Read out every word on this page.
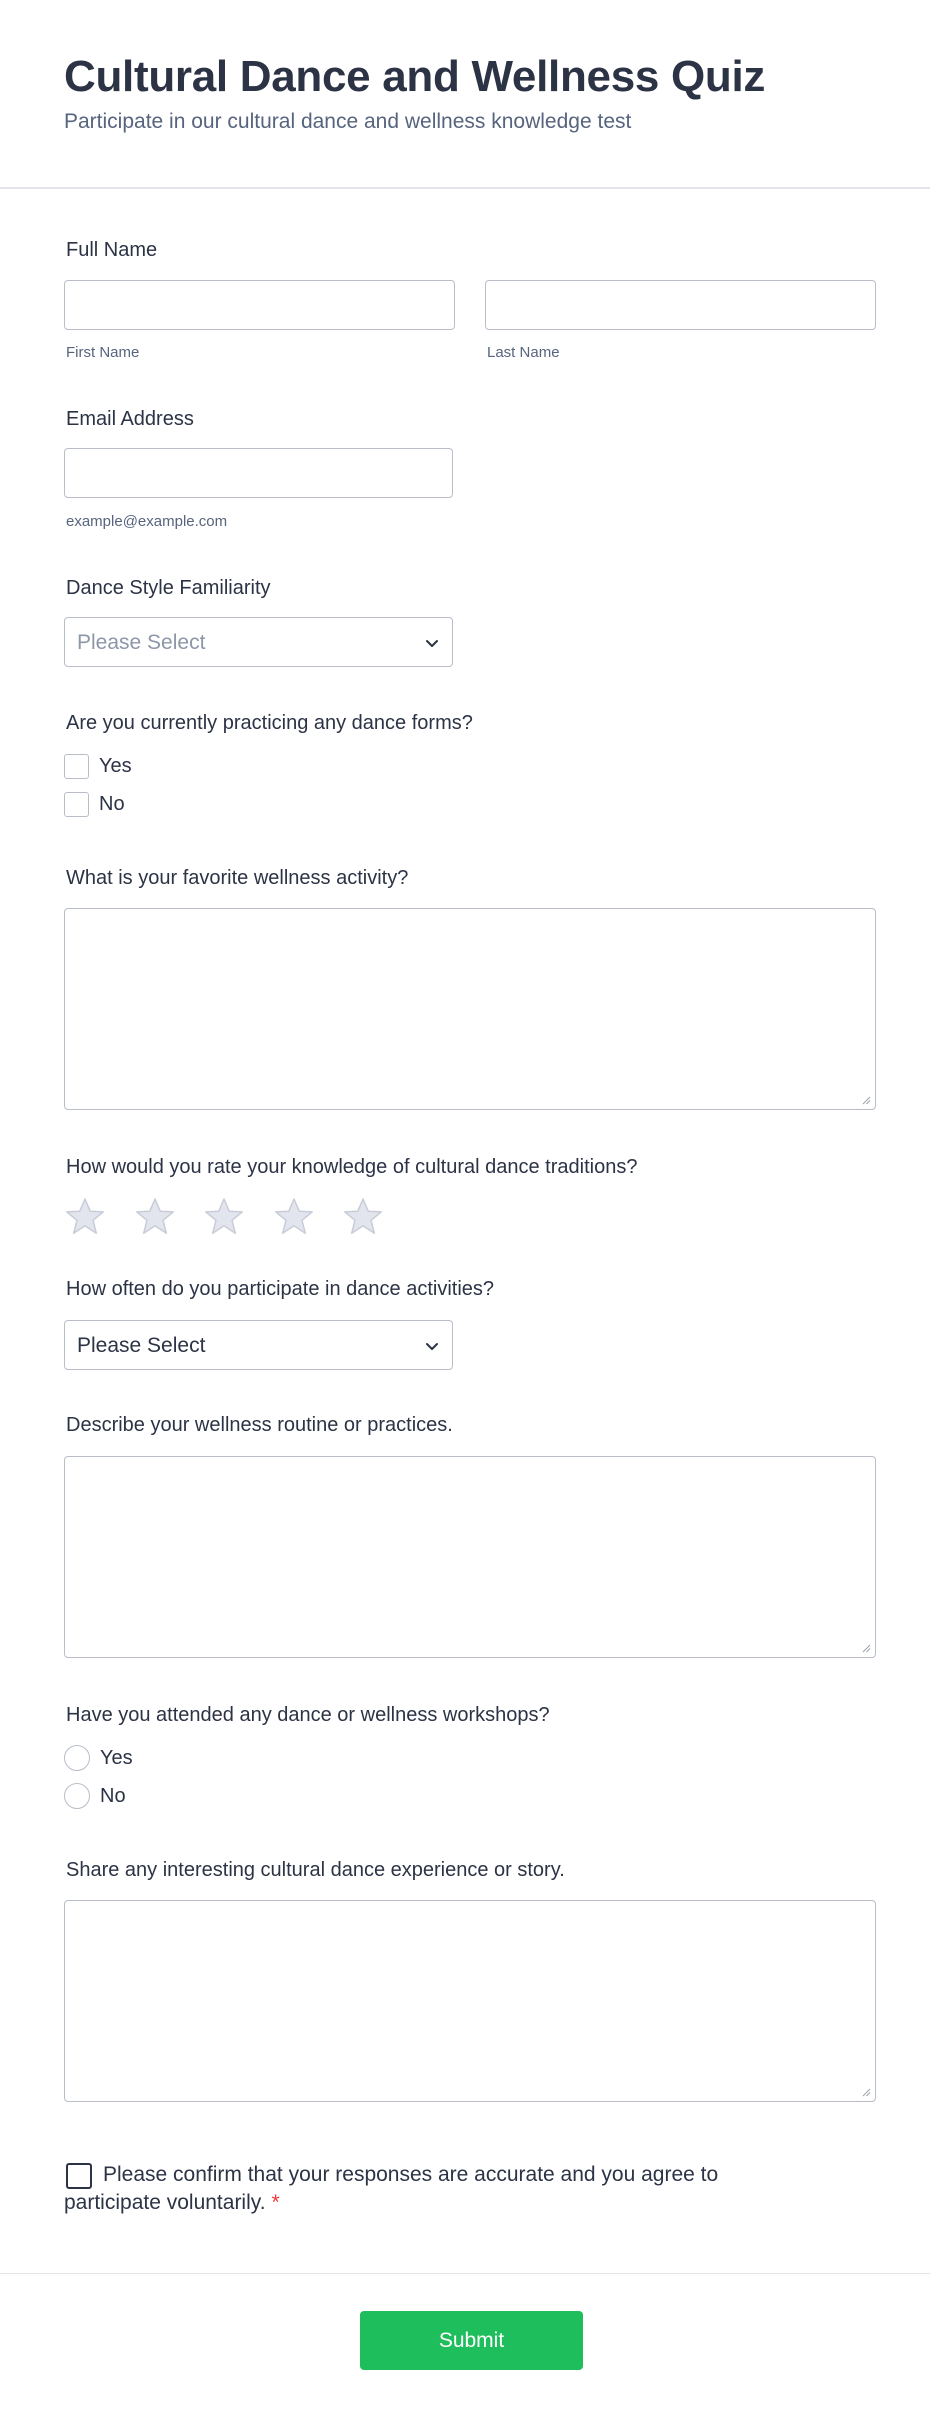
Cultural Dance and Wellness Quiz
Participate in our cultural dance and wellness knowledge test
Full Name
First Name	Last Name
Email Address
example@example.com
Dance Style Familiarity
Please Select
Are you currently practicing any dance forms?
Yes
No
What is your favorite wellness activity?
How would you rate your knowledge of cultural dance traditions?
How often do you participate in dance activities?
Please Select
Describe your wellness routine or practices.
Have you attended any dance or wellness workshops?
Yes
No
Share any interesting cultural dance experience or story.
Please confirm that your responses are accurate and you agree to
participate voluntarily. *
Submit
